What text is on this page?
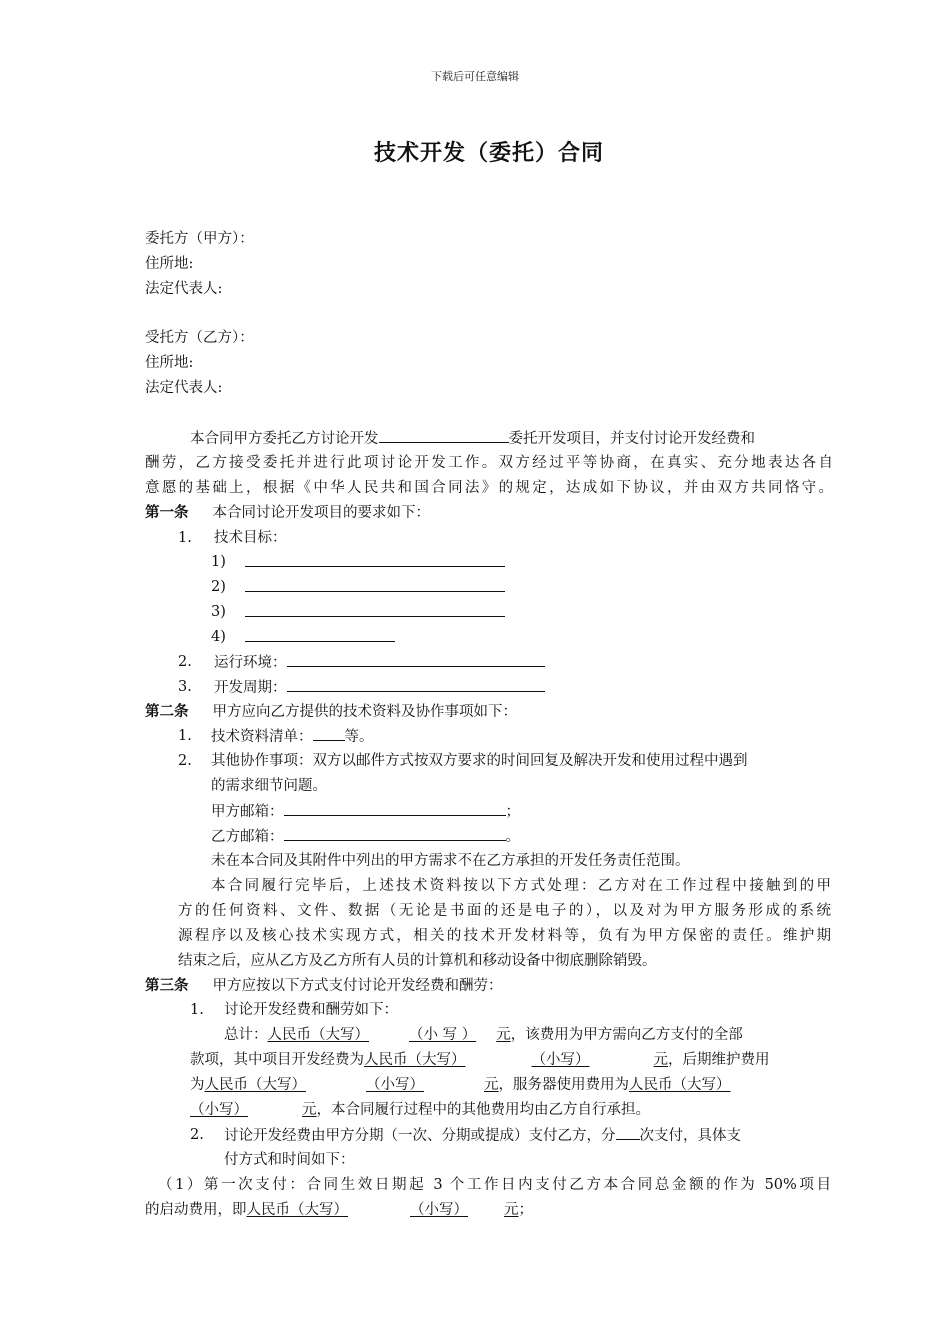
下载后可任意编辑
技术开发（委托）合同
委托方（甲方）：
住所地:
法定代表人:
受托方（乙方）：
住所地:
法定代表人:
本合同甲方委托乙方讨论开发	委托开发项目，并支付讨论开发经费和
酬劳，乙方接受委托并进行此项讨论开发工作。双方经过平等协商，在真实、充分地表达各自
意愿的基础上，根据《中华人民共和国合同法》的规定，达成如下协议，并由双方共同恪守。
第一条 本合同讨论开发项目的要求如下：
1. 技术目标：
1)
2)
3)
4)
2. 运行环境：
3. 开发周期：
第二条 甲方应向乙方提供的技术资料及协作事项如下：
1. 技术资料清单： 等。
2. 其他协作事项：双方以邮件方式按双方要求的时间回复及解决开发和使用过程中遇到
的需求细节问题。
甲方邮箱：	；
乙方邮箱：	。
未在本合同及其附件中列出的甲方需求不在乙方承担的开发任务责任范围。
本合同履行完毕后，上述技术资料按以下方式处理：乙方对在工作过程中接触到的甲
方的任何资料、文件、数据（无论是书面的还是电子的），以及对为甲方服务形成的系统
源程序以及核心技术实现方式，相关的技术开发材料等，负有为甲方保密的责任。维护期
结束之后，应从乙方及乙方所有人员的计算机和移动设备中彻底删除销毁。
第三条 甲方应按以下方式支付讨论开发经费和酬劳：
1. 讨论开发经费和酬劳如下：
总计：人民币（大写）	（小 写 ） 元，该费用为甲方需向乙方支付的全部
款项，其中项目开发经费为人民币（大写）	（小写）	元，后期维护费用
为人民币（大写）	（小写）	元，服务器使用费用为人民币（大写）
（小写）	元，本合同履行过程中的其他费用均由乙方自行承担。
2. 讨论开发经费由甲方分期（一次、分期或提成）支付乙方，分 次支付，具体支
付方式和时间如下：
（1）第一次支付：合同生效日期起 3 个工作日内支付乙方本合同总金额的作为 50%项目
的启动费用，即人民币（大写）	（小写） 元；
